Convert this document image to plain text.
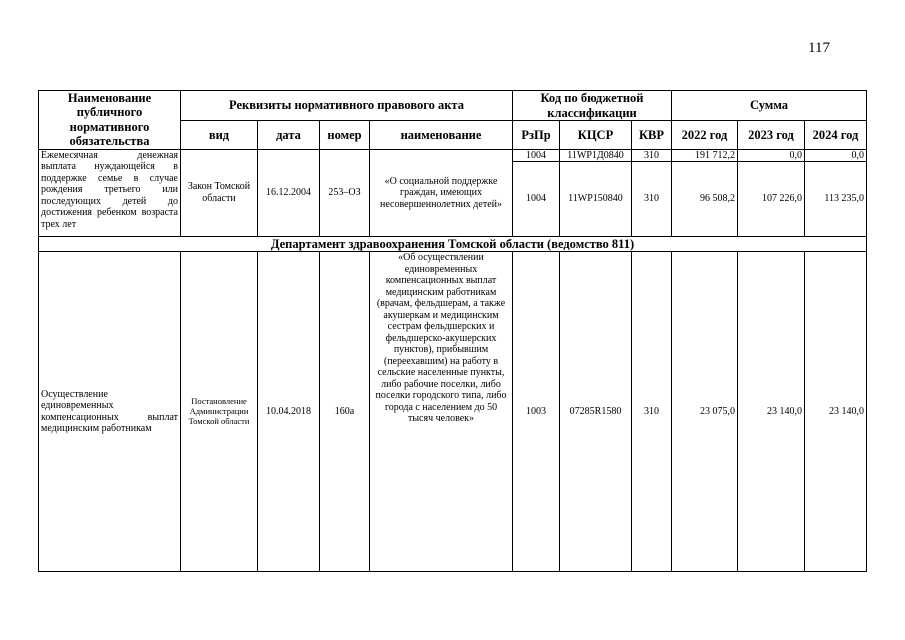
117
Наименование публичного нормативного обязательства	Реквизиты нормативного правового акта				Код по бюджетной классификации			Сумма		
	вид	дата	номер	наименование	РзПр	КЦСР	КВР	2022 год	2023 год	2024 год
Ежемесячная денежная выплата нуждающейся в поддержке семье в случае рождения третьего или последующих детей до достижения ребенком возраста трех лет	Закон Томской области	16.12.2004	253–ОЗ	«О социальной поддержке граждан, имеющих несовершеннолетних детей»	1004	11WP1Д0840	310	191 712,2	0,0	0,0
					1004	11WP150840	310	96 508,2	107 226,0	113 235,0
Департамент здравоохранения Томской области (ведомство 811)										
Осуществление единовременных компенсационных выплат медицинским работникам	Постановление Администрации Томской области	10.04.2018	160а	«Об осуществлении единовременных компенсационных выплат медицинским работникам (врачам, фельдшерам, а также акушеркам и медицинским сестрам фельдшерских и фельдшерско-акушерских пунктов), прибывшим (переехавшим) на работу в сельские населенные пункты, либо рабочие поселки, либо поселки городского типа, либо города с населением до 50 тысяч человек»	1003	07285R1580	310	23 075,0	23 140,0	23 140,0
